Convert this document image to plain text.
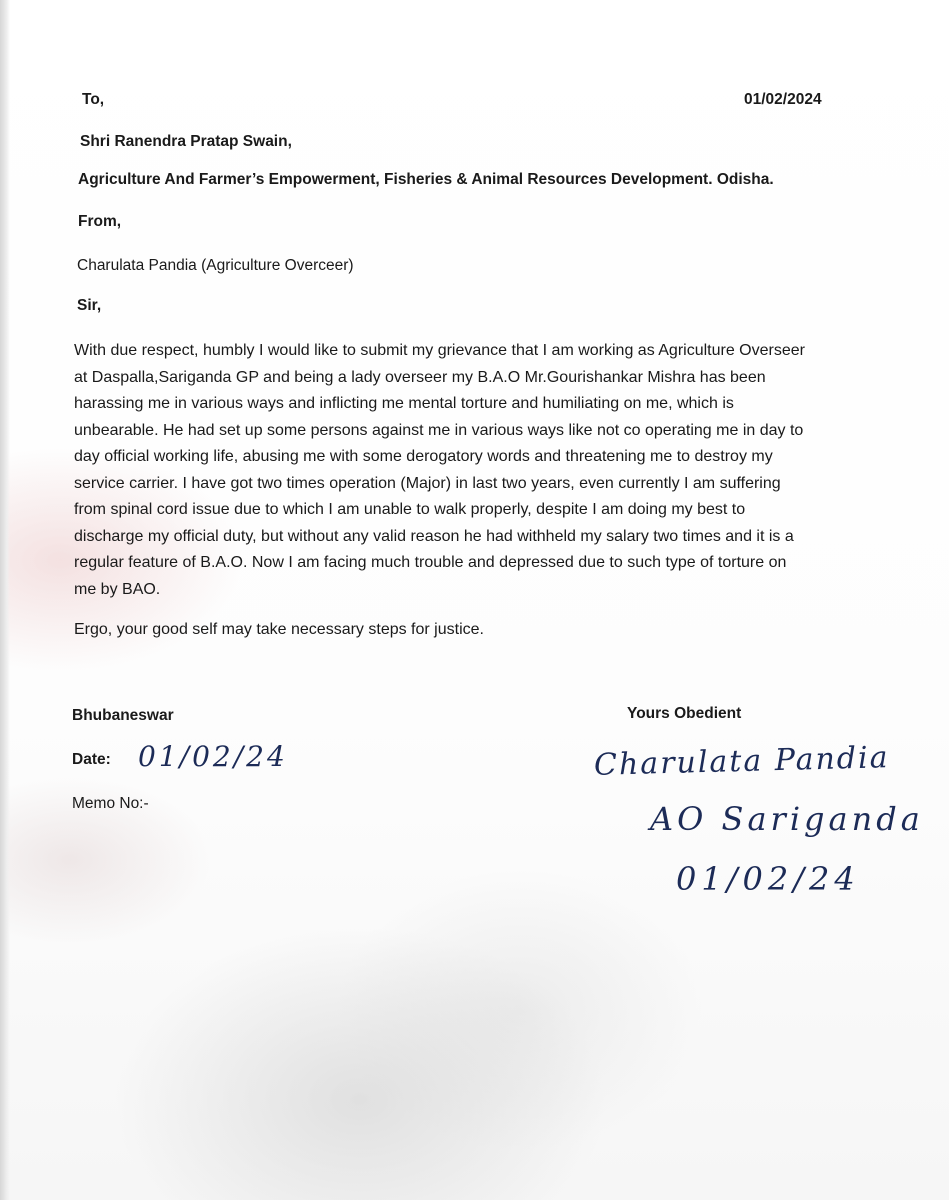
To,	01/02/2024
Shri Ranendra Pratap Swain,
Agriculture And Farmer’s Empowerment, Fisheries & Animal Resources Development. Odisha.
From,
Charulata Pandia (Agriculture Overceer)
Sir,
With due respect, humbly I would like to submit my grievance that I am working as Agriculture Overseer
at Daspalla,Sariganda GP and being a lady overseer my B.A.O Mr.Gourishankar Mishra has been
harassing me in various ways and inflicting me mental torture and humiliating on me, which is
unbearable. He had set up some persons against me in various ways like not co operating me in day to
day official working life, abusing me with some derogatory words and threatening me to destroy my
service carrier. I have got two times operation (Major) in last two years, even currently I am suffering
from spinal cord issue due to which I am unable to walk properly, despite I am doing my best to
discharge my official duty, but without any valid reason he had withheld my salary two times and it is a
regular feature of B.A.O. Now I am facing much trouble and depressed due to such type of torture on
me by BAO.
Ergo, your good self may take necessary steps for justice.
Bhubaneswar	Yours Obedient
Date: 01/02/24
Memo No:-
Charulata Pandia
AO Sariganda
01/02/24
